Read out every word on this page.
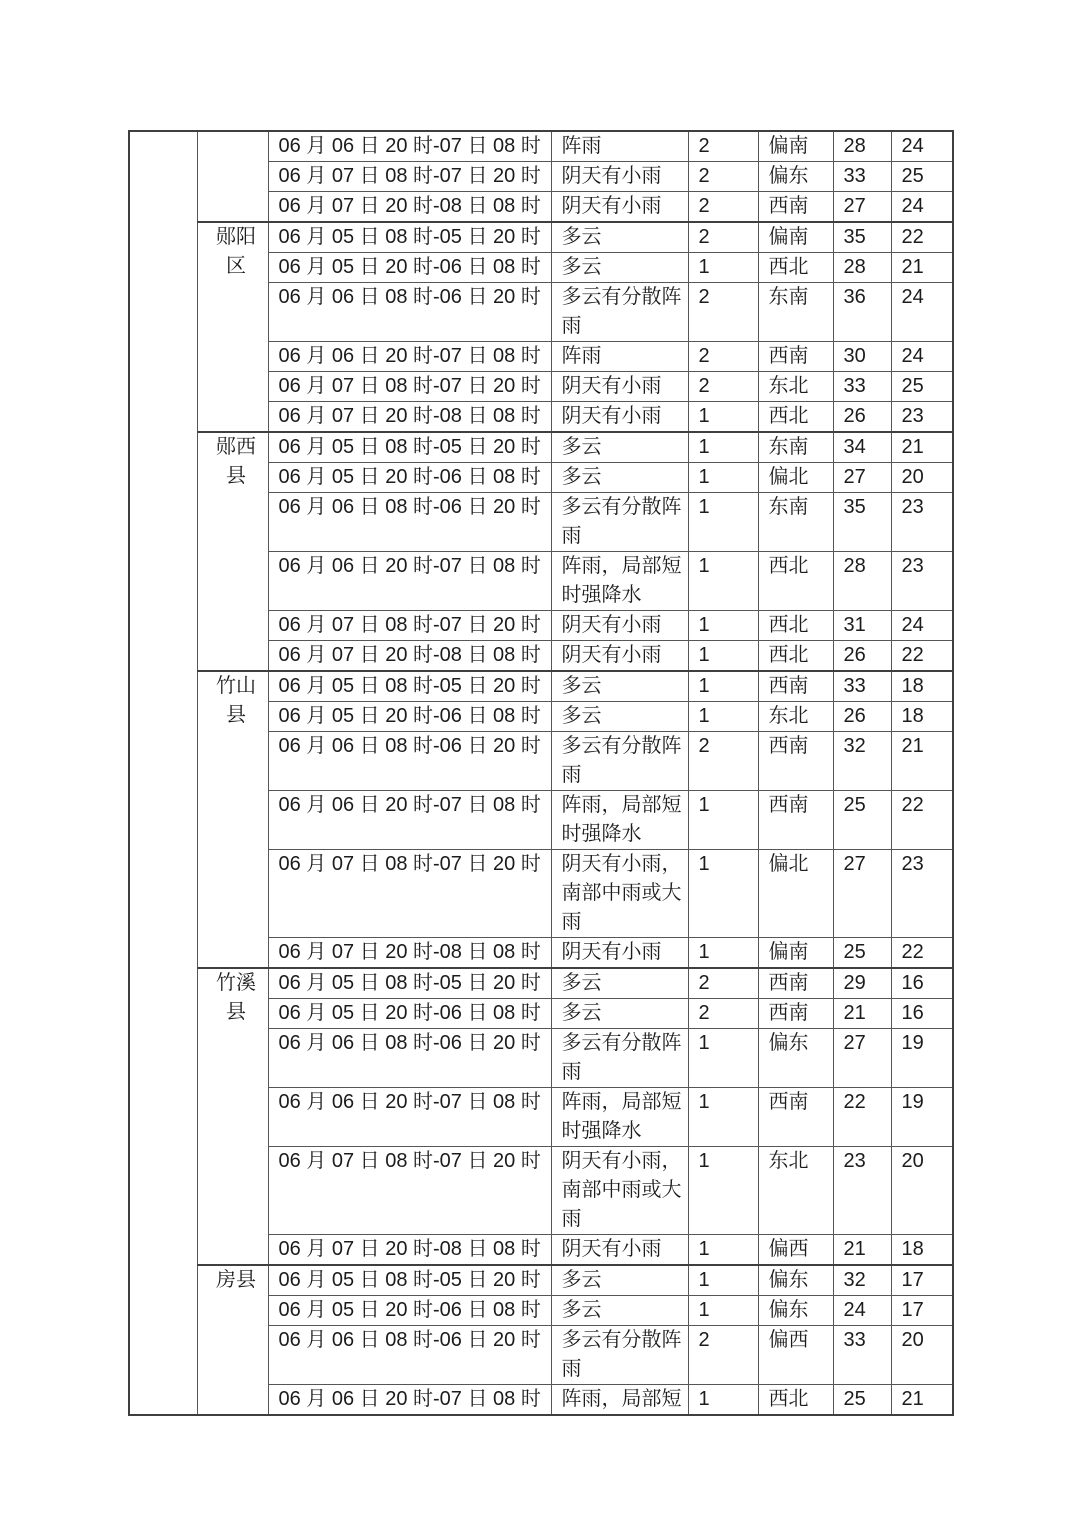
		06 月 06 日 20 时-07 日 08 时	阵雨	2	偏南	28	24
		06 月 07 日 08 时-07 日 20 时	阴天有小雨	2	偏东	33	25
		06 月 07 日 20 时-08 日 08 时	阴天有小雨	2	西南	27	24
	郧阳区	06 月 05 日 08 时-05 日 20 时	多云	2	偏南	35	22
		06 月 05 日 20 时-06 日 08 时	多云	1	西北	28	21
		06 月 06 日 08 时-06 日 20 时	多云有分散阵雨	2	东南	36	24
		06 月 06 日 20 时-07 日 08 时	阵雨	2	西南	30	24
		06 月 07 日 08 时-07 日 20 时	阴天有小雨	2	东北	33	25
		06 月 07 日 20 时-08 日 08 时	阴天有小雨	1	西北	26	23
	郧西县	06 月 05 日 08 时-05 日 20 时	多云	1	东南	34	21
		06 月 05 日 20 时-06 日 08 时	多云	1	偏北	27	20
		06 月 06 日 08 时-06 日 20 时	多云有分散阵雨	1	东南	35	23
		06 月 06 日 20 时-07 日 08 时	阵雨，局部短时强降水	1	西北	28	23
		06 月 07 日 08 时-07 日 20 时	阴天有小雨	1	西北	31	24
		06 月 07 日 20 时-08 日 08 时	阴天有小雨	1	西北	26	22
	竹山县	06 月 05 日 08 时-05 日 20 时	多云	1	西南	33	18
		06 月 05 日 20 时-06 日 08 时	多云	1	东北	26	18
		06 月 06 日 08 时-06 日 20 时	多云有分散阵雨	2	西南	32	21
		06 月 06 日 20 时-07 日 08 时	阵雨，局部短时强降水	1	西南	25	22
		06 月 07 日 08 时-07 日 20 时	阴天有小雨，南部中雨或大雨	1	偏北	27	23
		06 月 07 日 20 时-08 日 08 时	阴天有小雨	1	偏南	25	22
	竹溪县	06 月 05 日 08 时-05 日 20 时	多云	2	西南	29	16
		06 月 05 日 20 时-06 日 08 时	多云	2	西南	21	16
		06 月 06 日 08 时-06 日 20 时	多云有分散阵雨	1	偏东	27	19
		06 月 06 日 20 时-07 日 08 时	阵雨，局部短时强降水	1	西南	22	19
		06 月 07 日 08 时-07 日 20 时	阴天有小雨，南部中雨或大雨	1	东北	23	20
		06 月 07 日 20 时-08 日 08 时	阴天有小雨	1	偏西	21	18
	房县	06 月 05 日 08 时-05 日 20 时	多云	1	偏东	32	17
		06 月 05 日 20 时-06 日 08 时	多云	1	偏东	24	17
		06 月 06 日 08 时-06 日 20 时	多云有分散阵雨	2	偏西	33	20
		06 月 06 日 20 时-07 日 08 时	阵雨，局部短	1	西北	25	21
